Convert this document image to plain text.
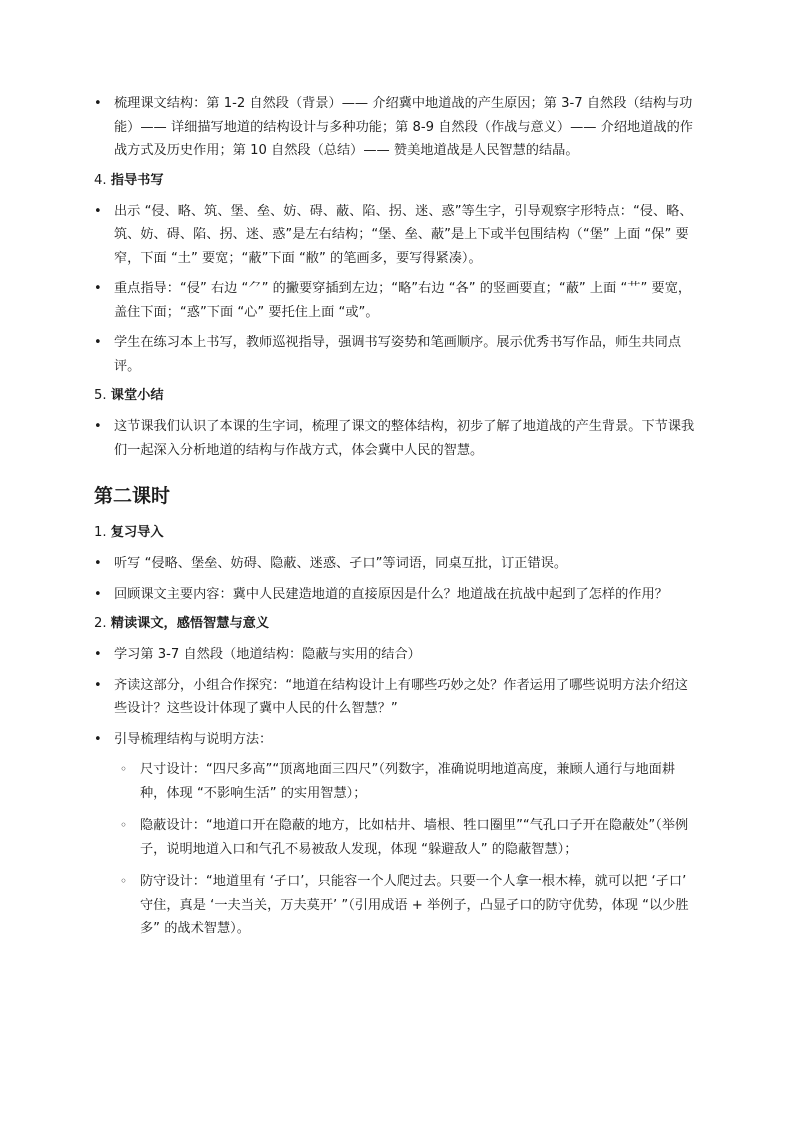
• 梳理课文结构：第 1-2 自然段（背景）—— 介绍冀中地道战的产生原因；第 3-7 自然段（结构与功能）—— 详细描写地道的结构设计与多种功能；第 8-9 自然段（作战与意义）—— 介绍地道战的作战方式及历史作用；第 10 自然段（总结）—— 赞美地道战是人民智慧的结晶。
4. 指导书写
• 出示 “侵、略、筑、堡、垒、妨、碍、蔽、陷、拐、迷、惑”等生字，引导观察字形特点：“侵、略、筑、妨、碍、陷、拐、迷、惑”是左右结构；“堡、垒、蔽”是上下或半包围结构（“堡” 上面 “保” 要窄，下面 “土” 要宽；“蔽”下面 “敝” 的笔画多，要写得紧凑）。
• 重点指导：“侵” 右边 “⺈” 的撇要穿插到左边；“略”右边 “各” 的竖画要直；“蔽” 上面 “艹” 要宽，盖住下面；“惑”下面 “心” 要托住上面 “或”。
• 学生在练习本上书写，教师巡视指导，强调书写姿势和笔画顺序。展示优秀书写作品，师生共同点评。
5. 课堂小结
• 这节课我们认识了本课的生字词，梳理了课文的整体结构，初步了解了地道战的产生背景。下节课我们一起深入分析地道的结构与作战方式，体会冀中人民的智慧。
第二课时
1. 复习导入
• 听写 “侵略、堡垒、妨碍、隐蔽、迷惑、孑口”等词语，同桌互批，订正错误。
• 回顾课文主要内容：冀中人民建造地道的直接原因是什么？地道战在抗战中起到了怎样的作用？
2. 精读课文，感悟智慧与意义
• 学习第 3-7 自然段（地道结构：隐蔽与实用的结合）
• 齐读这部分，小组合作探究：“地道在结构设计上有哪些巧妙之处？作者运用了哪些说明方法介绍这些设计？这些设计体现了冀中人民的什么智慧？”
• 引导梳理结构与说明方法：
◦ 尺寸设计：“四尺多高”“顶离地面三四尺”（列数字，准确说明地道高度，兼顾人通行与地面耕种，体现 “不影响生活” 的实用智慧）；
◦ 隐蔽设计：“地道口开在隐蔽的地方，比如枯井、墙根、牲口圈里”“气孔口子开在隐蔽处”（举例子，说明地道入口和气孔不易被敌人发现，体现 “躲避敌人” 的隐蔽智慧）；
◦ 防守设计：“地道里有 ‘孑口’，只能容一个人爬过去。只要一个人拿一根木棒，就可以把 ‘孑口’ 守住，真是 ‘一夫当关，万夫莫开’ ”（引用成语 + 举例子，凸显孑口的防守优势，体现 “以少胜多” 的战术智慧）。
